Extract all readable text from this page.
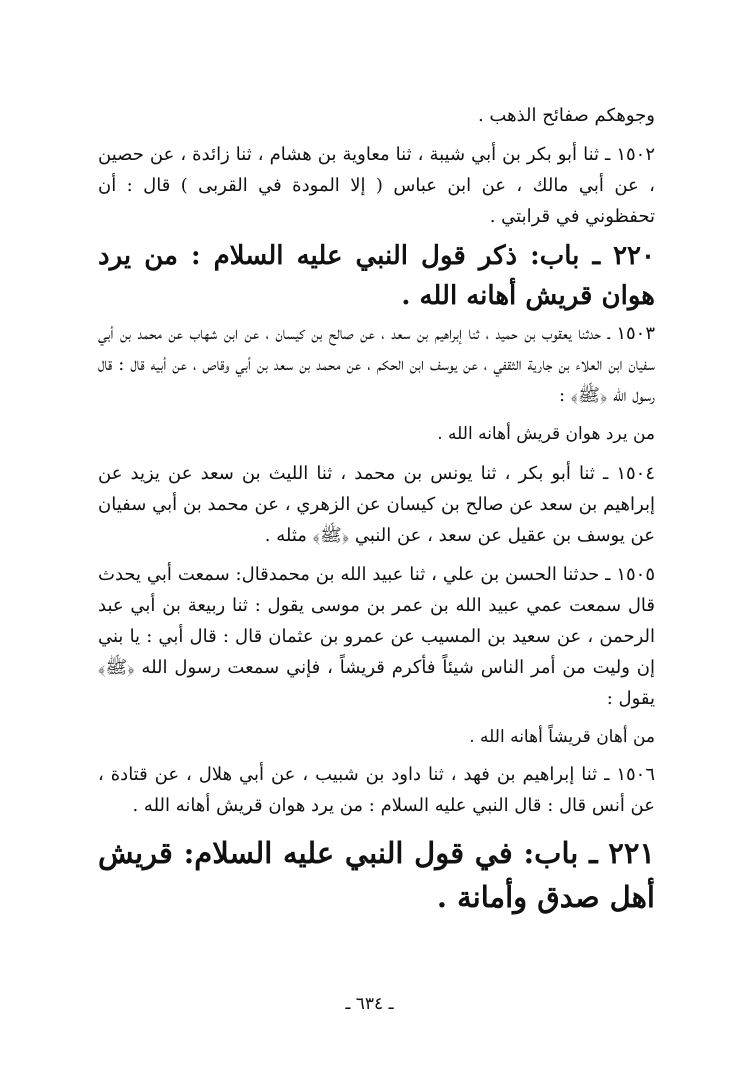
وجوهكم صفائح الذهب .

١٥٠٢ ـ ثنا أبو بكر بن أبي شيبة ، ثنا معاوية بن هشام ، ثنا زائدة ، عن حصين ، عن أبي مالك ، عن ابن عباس ( إلا المودة في القربى ) قال : أن تحفظوني في قرابتي .

٢٢٠ ـ باب: ذكر قول النبي عليه السلام : من يرد هوان قريش أهانه الله .

١٥٠٣ ـ حدثنا يعقوب بن حميد ، ثنا إبراهيم بن سعد ، عن صالح بن كيسان ، عن ابن شهاب عن محمد بن أبي سفيان ابن العلاء بن جارية الثقفي ، عن يوسف ابن الحكم ، عن محمد بن سعد بن أبي وقاص ، عن أبيه قال : قال رسول الله ﴿ﷺ﴾ :

من يرد هوان قريش أهانه الله .

١٥٠٤ ـ ثنا أبو بكر ، ثنا يونس بن محمد ، ثنا الليث بن سعد عن يزيد عن إبراهيم بن سعد عن صالح بن كيسان عن الزهري ، عن محمد بن أبي سفيان عن يوسف بن عقيل عن سعد ، عن النبي ﴿ﷺ﴾ مثله .

١٥٠٥ ـ حدثنا الحسن بن علي ، ثنا عبيد الله بن محمدقال: سمعت أبي يحدث قال سمعت عمي عبيد الله بن عمر بن موسى يقول : ثنا ربيعة بن أبي عبد الرحمن ، عن سعيد بن المسيب عن عمرو بن عثمان قال : قال أبي : يا بني إن وليت من أمر الناس شيئاً فأكرم قريشاً ، فإني سمعت رسول الله ﴿ﷺ﴾ يقول :

من أهان قريشاً أهانه الله .

١٥٠٦ ـ ثنا إبراهيم بن فهد ، ثنا داود بن شبيب ، عن أبي هلال ، عن قتادة ، عن أنس قال : قال النبي عليه السلام : من يرد هوان قريش أهانه الله .

٢٢١ ـ باب: في قول النبي عليه السلام: قريش أهل صدق وأمانة .

ـ ٦٣٤ ـ
